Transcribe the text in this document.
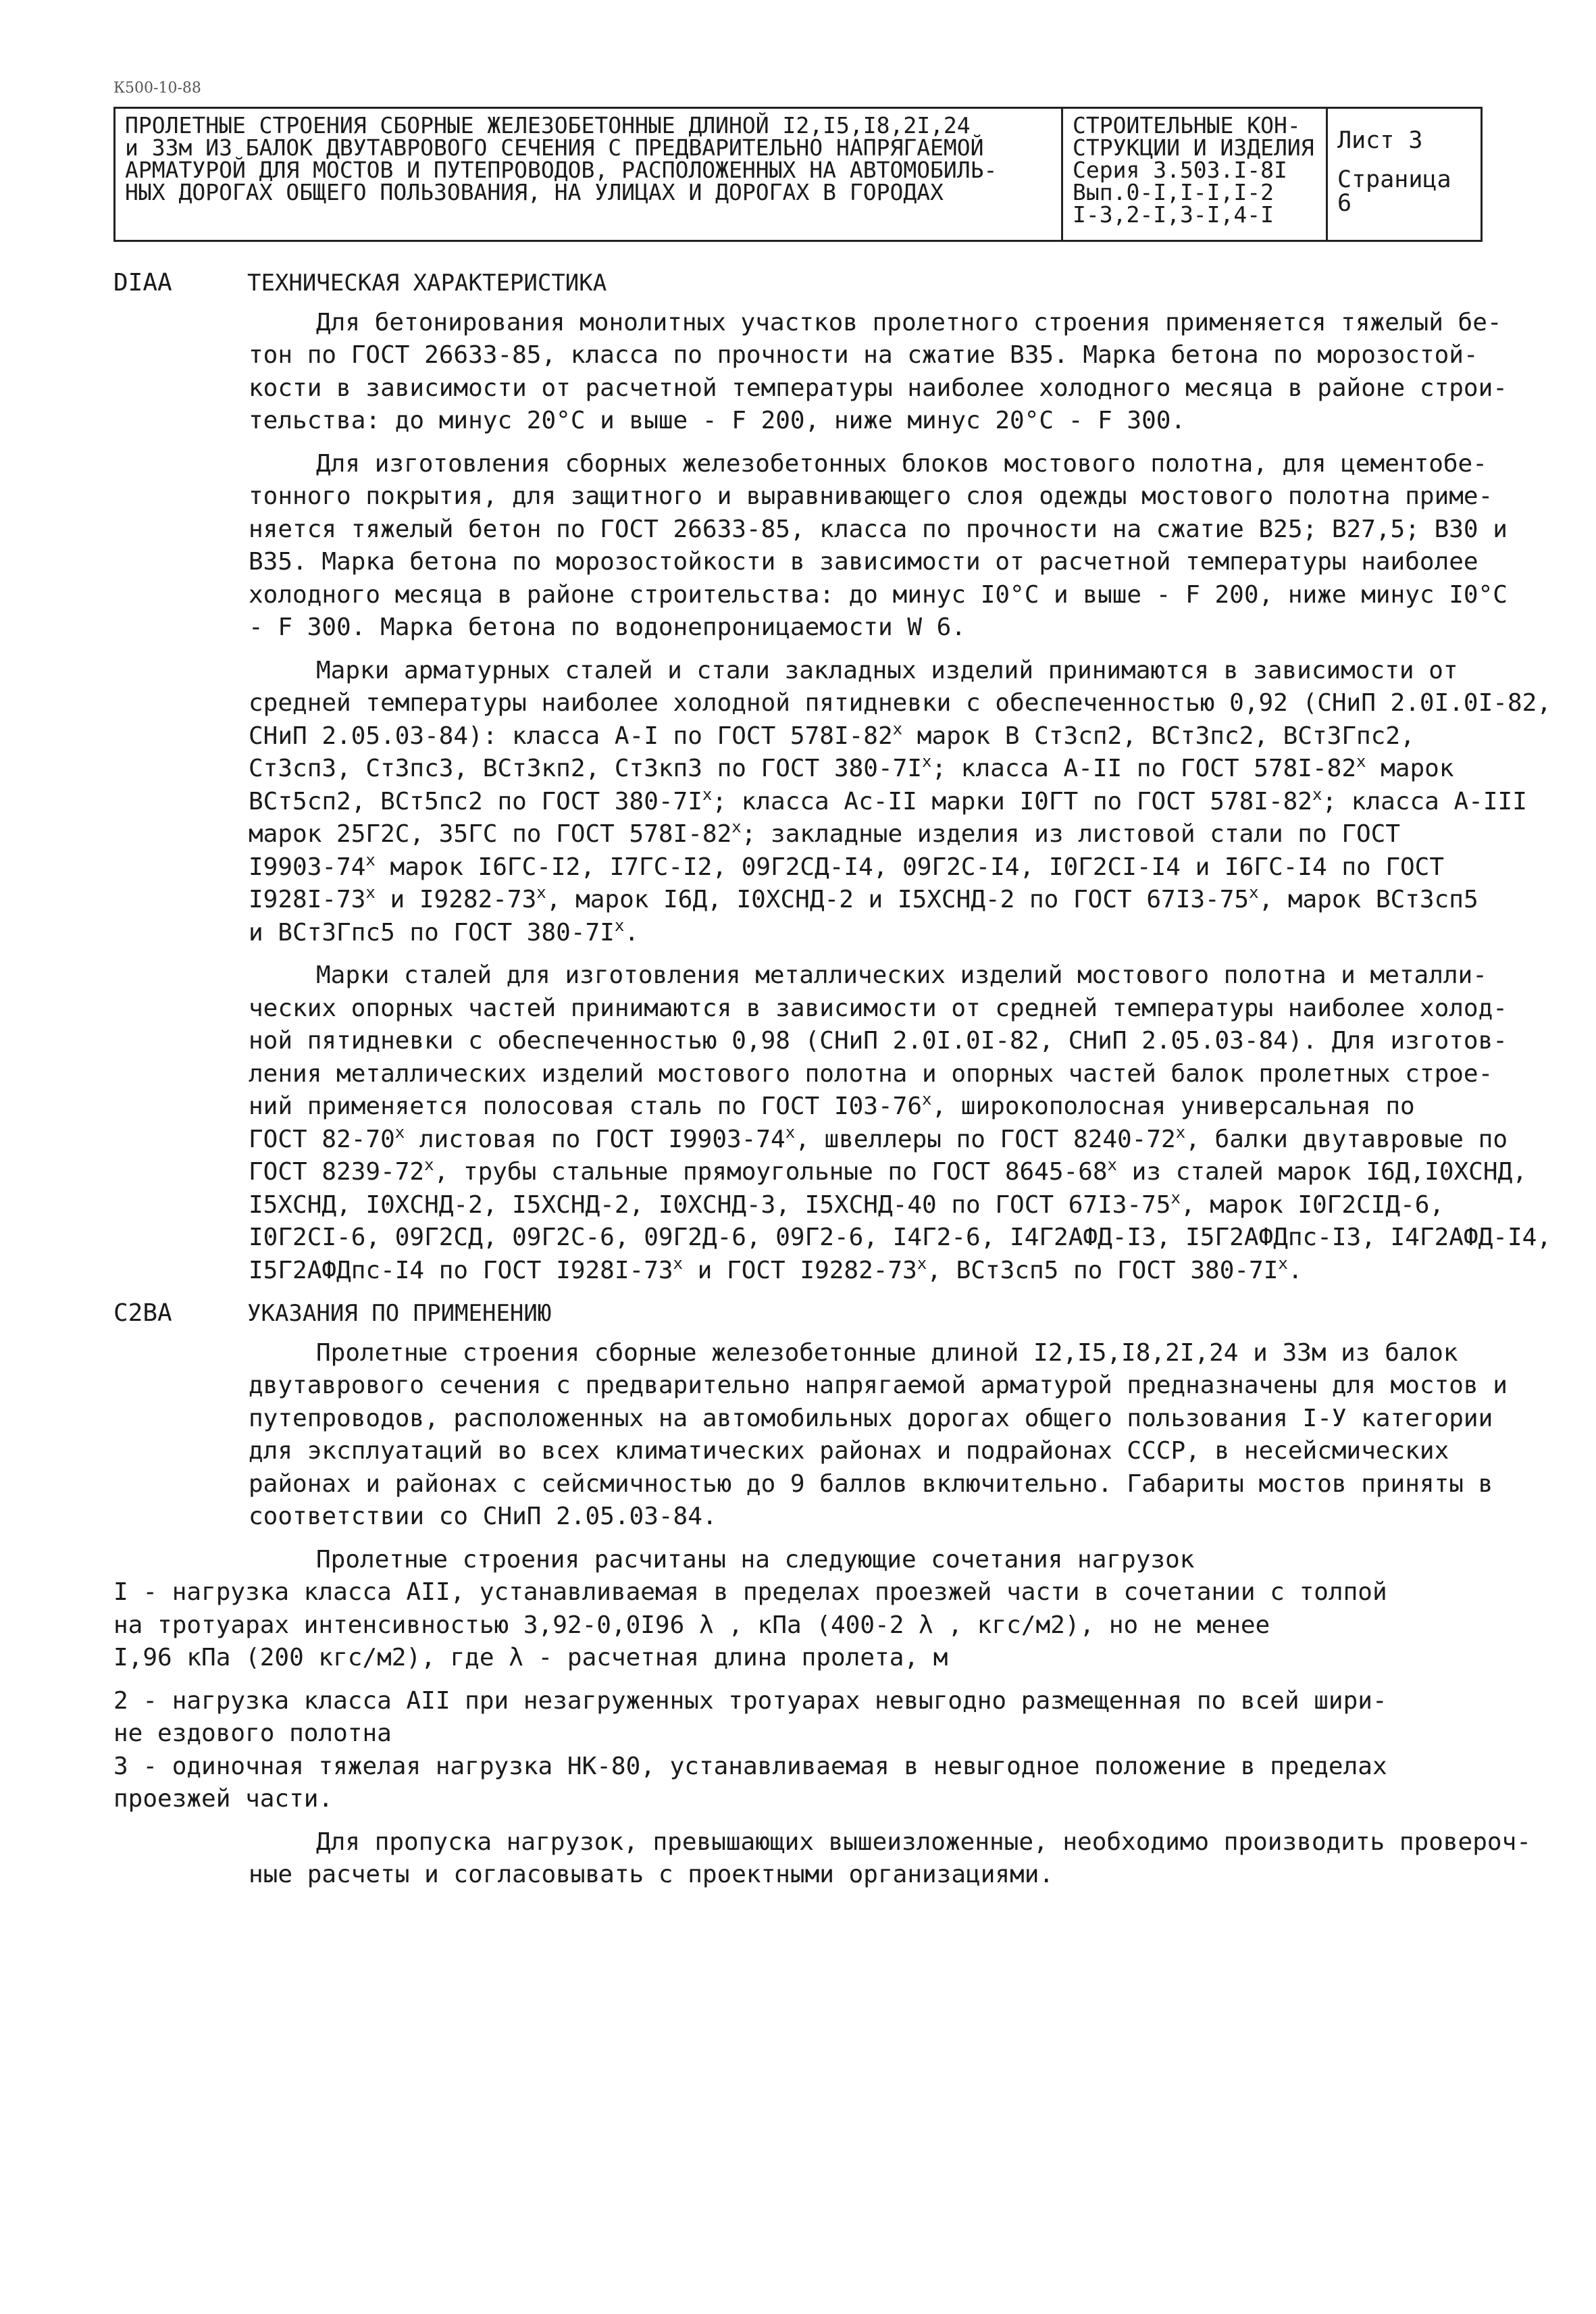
К500-10-88
ПРОЛЕТНЫЕ СТРОЕНИЯ СБОРНЫЕ ЖЕЛЕЗОБЕТОННЫЕ ДЛИНОЙ I2,I5,I8,2I,24
и 33м ИЗ БАЛОК ДВУТАВРОВОГО СЕЧЕНИЯ С ПРЕДВАРИТЕЛЬНО НАПРЯГАЕМОЙ
АРМАТУРОЙ ДЛЯ МОСТОВ И ПУТЕПРОВОДОВ, РАСПОЛОЖЕННЫХ НА АВТОМОБИЛЬ-
НЫХ ДОРОГАХ ОБЩЕГО ПОЛЬЗОВАНИЯ, НА УЛИЦАХ И ДОРОГАХ В ГОРОДАХ
СТРОИТЕЛЬНЫЕ КОН-
СТРУКЦИИ И ИЗДЕЛИЯ
Серия 3.503.I-8I
Вып.0-I,I-I,I-2
I-3,2-I,3-I,4-I
Лист 3
Страница 6
DIAA	ТЕХНИЧЕСКАЯ ХАРАКТЕРИСТИКА
Для бетонирования монолитных участков пролетного строения применяется тяжелый бе-
тон по ГОСТ 26633-85, класса по прочности на сжатие В35. Марка бетона по морозостой-
кости в зависимости от расчетной температуры наиболее холодного месяца в районе строи-
тельства: до минус 20°С и выше - F 200, ниже минус 20°С - F 300.
Для изготовления сборных железобетонных блоков мостового полотна, для цементобе-
тонного покрытия, для защитного и выравнивающего слоя одежды мостового полотна приме-
няется тяжелый бетон по ГОСТ 26633-85, класса по прочности на сжатие В25; В27,5; В30 и
В35. Марка бетона по морозостойкости в зависимости от расчетной температуры наиболее
холодного месяца в районе строительства: до минус I0°С и выше - F 200, ниже минус I0°С
- F 300. Марка бетона по водонепроницаемости W 6.
Марки арматурных сталей и стали закладных изделий принимаются в зависимости от
средней температуры наиболее холодной пятидневки с обеспеченностью 0,92 (СНиП 2.0I.0I-82,
СНиП 2.05.03-84): класса А-I по ГОСТ 578I-82$^x$ марок В Ст3сп2, ВСт3пс2, ВСт3Гпс2,
Ст3сп3, Ст3пс3, ВСт3кп2, Ст3кп3 по ГОСТ $380-7I^x$; класса А-II по ГОСТ 578I-82$^x$ марок
ВСт5сп2, ВСт5пс2 по ГОСТ $380-7I^x$; класса Ас-II марки I0ГТ по ГОСТ 578I-82$^x$; класса А-III
марок 25Г2С, 35ГС по ГОСТ 578I-82$^x$; закладные изделия из листовой стали по ГОСТ
I9903-74$^x$ марок I6ГС-I2, I7ГС-I2, 09Г2СД-I4, 09Г2С-I4, I0Г2СI-I4 и I6ГС-I4 по ГОСТ
I928I-73$^x$ и I9282-73$^x$, марок I6Д, I0ХСНД-2 и I5ХСНД-2 по ГОСТ 67I3-75$^x$, марок ВСт3сп5
и ВСт3Гпс5 по ГОСТ $380-7I^x$.
Марки сталей для изготовления металлических изделий мостового полотна и металли-
ческих опорных частей принимаются в зависимости от средней температуры наиболее холод-
ной пятидневки с обеспеченностью 0,98 (СНиП 2.0I.0I-82, СНиП 2.05.03-84). Для изготов-
ления металлических изделий мостового полотна и опорных частей балок пролетных строе-
ний применяется полосовая сталь по ГОСТ I03-76$^x$, широкополосная универсальная по
ГОСТ 82-70$^x$ листовая по ГОСТ I9903-74$^x$, швеллеры по ГОСТ 8240-72$^x$, балки двутавровые по
ГОСТ 8239-72$^x$, трубы стальные прямоугольные по ГОСТ 8645-68$^x$ из сталей марок I6Д,I0ХСНД,
I5ХСНД, I0ХСНД-2, I5ХСНД-2, I0ХСНД-3, I5ХСНД-40 по ГОСТ 67I3-75$^x$, марок I0Г2СIД-6,
I0Г2СI-6, 09Г2СД, 09Г2С-6, 09Г2Д-6, 09Г2-6, I4Г2-6, I4Г2АФД-I3, I5Г2АФДпс-I3, I4Г2АФД-I4,
I5Г2АФДпс-I4 по ГОСТ I928I-73$^x$ и ГОСТ I9282-73$^x$, ВСт3сп5 по ГОСТ $380-7I^x$.
C2BA	УКАЗАНИЯ ПО ПРИМЕНЕНИЮ
Пролетные строения сборные железобетонные длиной I2,I5,I8,2I,24 и 33м из балок
двутаврового сечения с предварительно напрягаемой арматурой предназначены для мостов и
путепроводов, расположенных на автомобильных дорогах общего пользования I-У категории
для эксплуатаций во всех климатических районах и подрайонах СССР, в несейсмических
районах и районах с сейсмичностью до 9 баллов включительно. Габариты мостов приняты в
соответствии со СНиП 2.05.03-84.
Пролетные строения расчитаны на следующие сочетания нагрузок
I - нагрузка класса АII, устанавливаемая в пределах проезжей части в сочетании с толпой
на тротуарах интенсивностью 3,92-0,0I96 λ , кПа (400-2 λ , кгс/м2), но не менее
I,96 кПа (200 кгс/м2), где λ - расчетная длина пролета, м
2 - нагрузка класса АII при незагруженных тротуарах невыгодно размещенная по всей шири-
не ездового полотна
3 - одиночная тяжелая нагрузка НК-80, устанавливаемая в невыгодное положение в пределах
проезжей части.
Для пропуска нагрузок, превышающих вышеизложенные, необходимо производить провероч-
ные расчеты и согласовывать с проектными организациями.
